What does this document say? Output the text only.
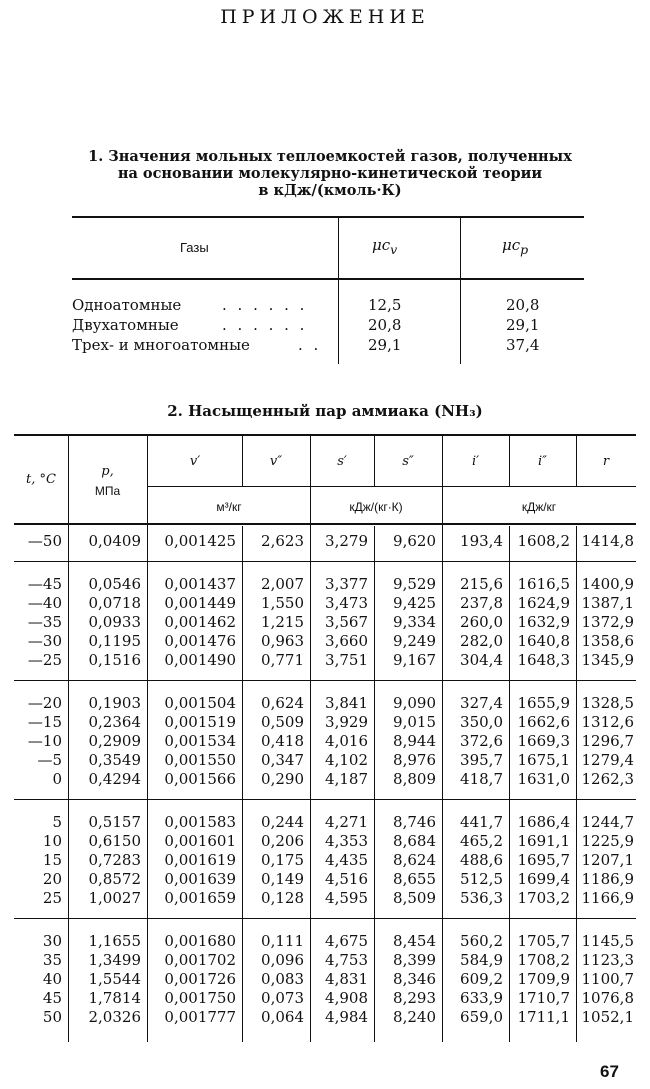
ПРИЛОЖЕНИЕ
1. Значения мольных теплоемкостей газов, полученных
на основании молекулярно-кинетической теории
в кДж/(кмоль·К)
Газы	$\mu c_v$	$\mu c_p$
Одноатомные	. . . . . .	12,5	20,8
Двухатомные	. . . . . .	20,8	29,1
Трех- и многоатомные	. .	29,1	37,4
2. Насыщенный пар аммиака (NH₃)
t, °С
p,
МПа
v′	v″	s′	s″	i′	i″	r
м³/кг	кДж/(кг·К)	кДж/кг
—50 0,0409 0,001425 2,623 3,279 9,620 193,4 1608,2 1414,8
—45 0,0546 0,001437 2,007 3,377 9,529 215,6 1616,5 1400,9
—40 0,0718 0,001449 1,550 3,473 9,425 237,8 1624,9 1387,1
—35 0,0933 0,001462 1,215 3,567 9,334 260,0 1632,9 1372,9
—30 0,1195 0,001476 0,963 3,660 9,249 282,0 1640,8 1358,6
—25 0,1516 0,001490 0,771 3,751 9,167 304,4 1648,3 1345,9
—20 0,1903 0,001504 0,624 3,841 9,090 327,4 1655,9 1328,5
—15 0,2364 0,001519 0,509 3,929 9,015 350,0 1662,6 1312,6
—10 0,2909 0,001534 0,418 4,016 8,944 372,6 1669,3 1296,7
—5 0,3549 0,001550 0,347 4,102 8,976 395,7 1675,1 1279,4
0 0,4294 0,001566 0,290 4,187 8,809 418,7 1631,0 1262,3
5 0,5157 0,001583 0,244 4,271 8,746 441,7 1686,4 1244,7
10 0,6150 0,001601 0,206 4,353 8,684 465,2 1691,1 1225,9
15 0,7283 0,001619 0,175 4,435 8,624 488,6 1695,7 1207,1
20 0,8572 0,001639 0,149 4,516 8,655 512,5 1699,4 1186,9
25 1,0027 0,001659 0,128 4,595 8,509 536,3 1703,2 1166,9
30 1,1655 0,001680 0,111 4,675 8,454 560,2 1705,7 1145,5
35 1,3499 0,001702 0,096 4,753 8,399 584,9 1708,2 1123,3
40 1,5544 0,001726 0,083 4,831 8,346 609,2 1709,9 1100,7
45 1,7814 0,001750 0,073 4,908 8,293 633,9 1710,7 1076,8
50 2,0326 0,001777 0,064 4,984 8,240 659,0 1711,1 1052,1
67
